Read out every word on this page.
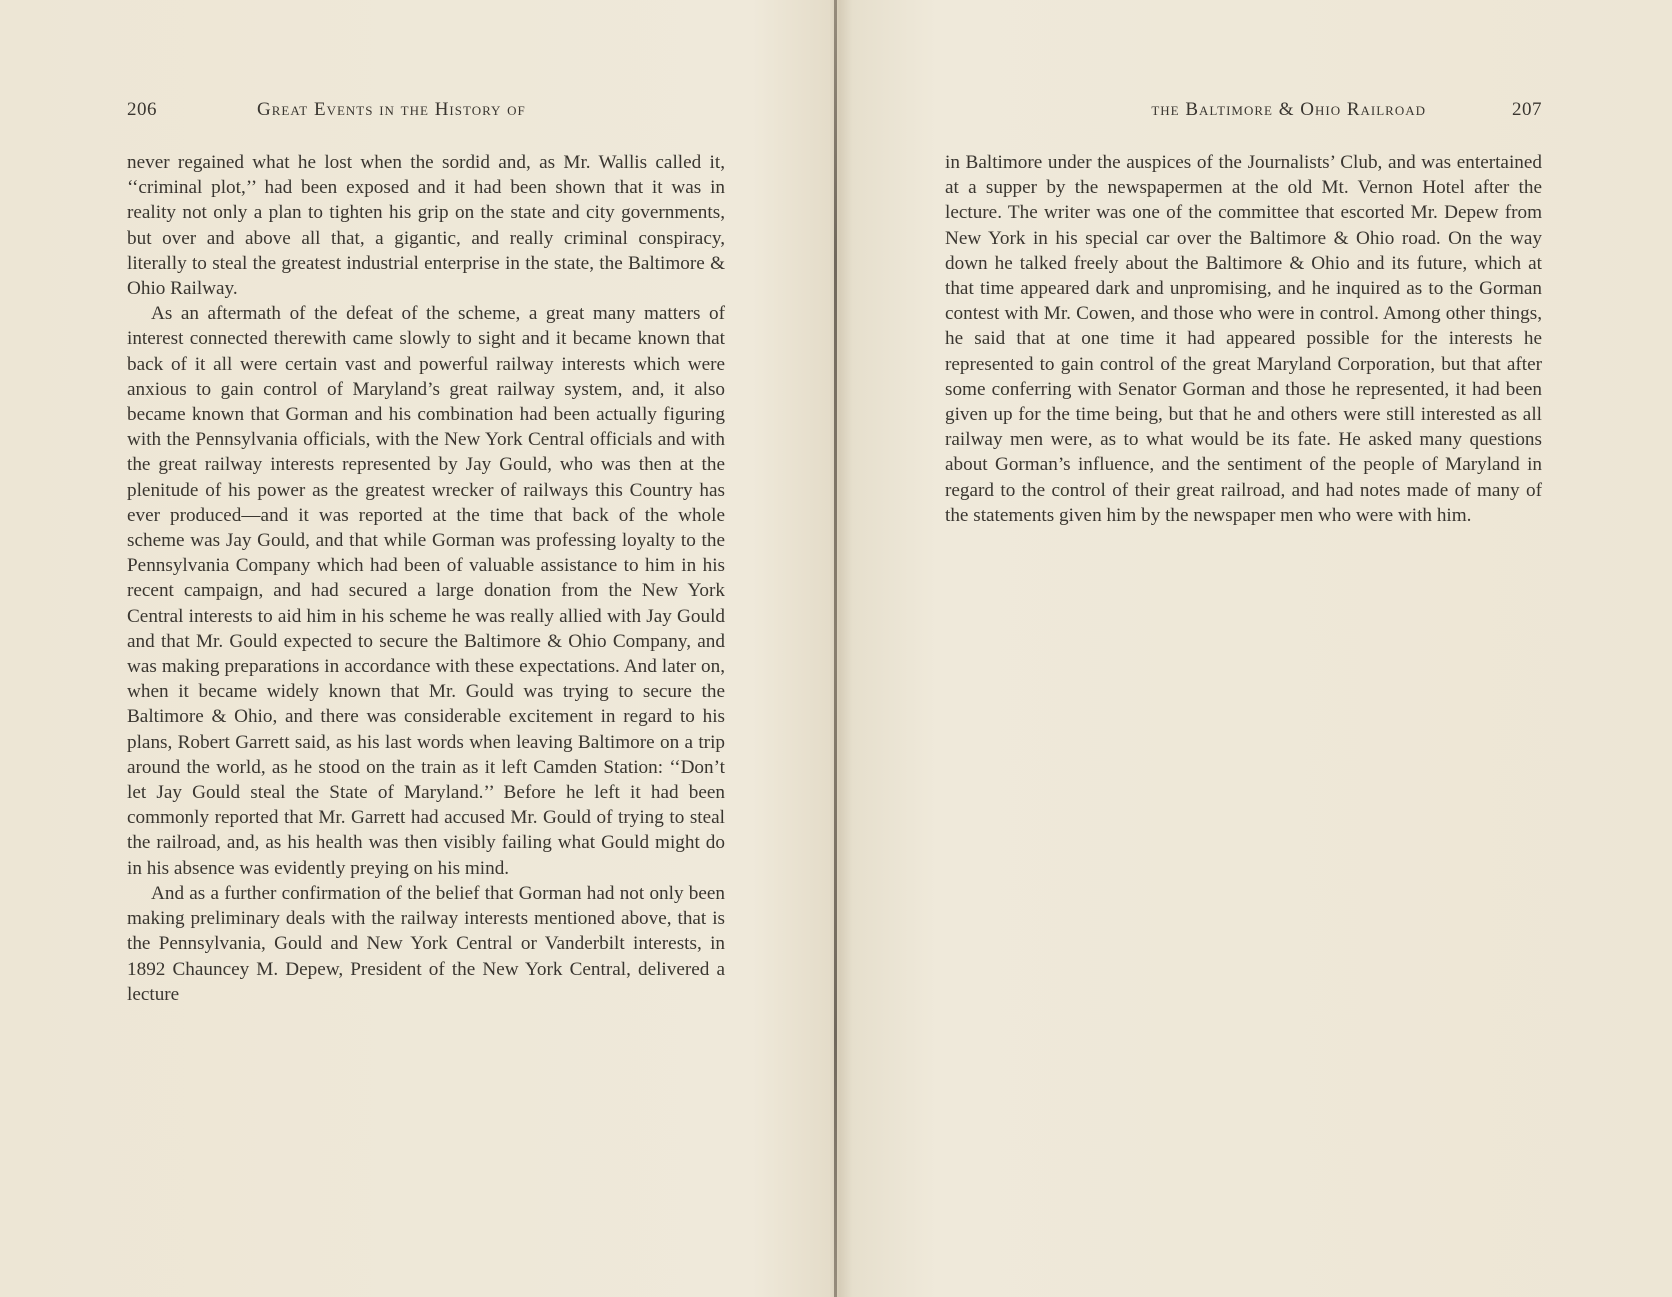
206	Great Events in the History of

never regained what he lost when the sordid and, as Mr. Wallis called it, ‘‘criminal plot,’’ had been exposed and it had been shown that it was in reality not only a plan to tighten his grip on the state and city governments, but over and above all that, a gigantic, and really criminal conspiracy, literally to steal the greatest industrial enterprise in the state, the Baltimore & Ohio Railway.

As an aftermath of the defeat of the scheme, a great many matters of interest connected therewith came slowly to sight and it became known that back of it all were certain vast and powerful railway interests which were anxious to gain control of Maryland’s great railway system, and, it also became known that Gorman and his combination had been actually figuring with the Pennsylvania officials, with the New York Central officials and with the great railway interests represented by Jay Gould, who was then at the plenitude of his power as the greatest wrecker of railways this Country has ever produced—and it was reported at the time that back of the whole scheme was Jay Gould, and that while Gorman was professing loyalty to the Pennsylvania Company which had been of valuable assistance to him in his recent campaign, and had secured a large donation from the New York Central interests to aid him in his scheme he was really allied with Jay Gould and that Mr. Gould expected to secure the Baltimore & Ohio Company, and was making preparations in accordance with these expectations. And later on, when it became widely known that Mr. Gould was trying to secure the Baltimore & Ohio, and there was considerable excitement in regard to his plans, Robert Garrett said, as his last words when leaving Baltimore on a trip around the world, as he stood on the train as it left Camden Station: ‘‘Don’t let Jay Gould steal the State of Maryland.’’ Before he left it had been commonly reported that Mr. Garrett had accused Mr. Gould of trying to steal the railroad, and, as his health was then visibly failing what Gould might do in his absence was evidently preying on his mind.

And as a further confirmation of the belief that Gorman had not only been making preliminary deals with the railway interests mentioned above, that is the Pennsylvania, Gould and New York Central or Vanderbilt interests, in 1892 Chauncey M. Depew, President of the New York Central, delivered a lecture

the Baltimore & Ohio Railroad	207

in Baltimore under the auspices of the Journalists’ Club, and was entertained at a supper by the newspapermen at the old Mt. Vernon Hotel after the lecture. The writer was one of the committee that escorted Mr. Depew from New York in his special car over the Baltimore & Ohio road. On the way down he talked freely about the Baltimore & Ohio and its future, which at that time appeared dark and unpromising, and he inquired as to the Gorman contest with Mr. Cowen, and those who were in control. Among other things, he said that at one time it had appeared possible for the interests he represented to gain control of the great Maryland Corporation, but that after some conferring with Senator Gorman and those he represented, it had been given up for the time being, but that he and others were still interested as all railway men were, as to what would be its fate. He asked many questions about Gorman’s influence, and the sentiment of the people of Maryland in regard to the control of their great railroad, and had notes made of many of the statements given him by the newspaper men who were with him.
